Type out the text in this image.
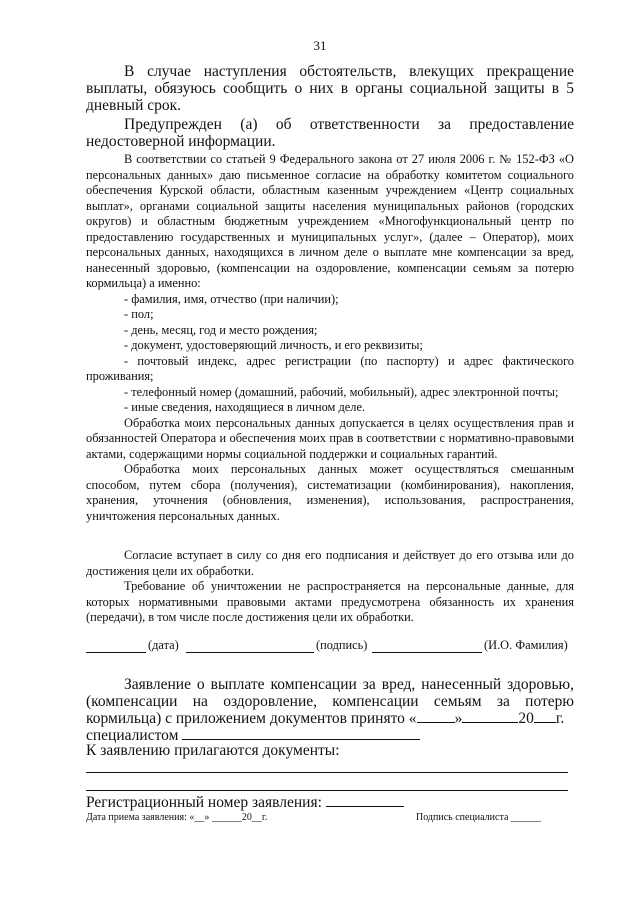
31

В случае наступления обстоятельств, влекущих прекращение выплаты, обязуюсь сообщить о них в органы социальной защиты в 5 дневный срок.

Предупрежден (а) об ответственности за предоставление недостоверной информации.

В соответствии со статьей 9 Федерального закона от 27 июля 2006 г. № 152-ФЗ «О персональных данных» даю письменное согласие на обработку комитетом социального обеспечения Курской области, областным казенным учреждением «Центр социальных выплат», органами социальной защиты населения муниципальных районов (городских округов) и областным бюджетным учреждением «Многофункциональный центр по предоставлению государственных и муниципальных услуг», (далее – Оператор), моих персональных данных, находящихся в личном деле о выплате мне компенсации за вред, нанесенный здоровью, (компенсации на оздоровление, компенсации семьям за потерю кормильца) а именно:

- фамилия, имя, отчество (при наличии);

- пол;

- день, месяц, год и место рождения;

- документ, удостоверяющий личность, и его реквизиты;

- почтовый индекс, адрес регистрации (по паспорту) и адрес фактического проживания;

- телефонный номер (домашний, рабочий, мобильный), адрес электронной почты;

- иные сведения, находящиеся в личном деле.

Обработка моих персональных данных допускается в целях осуществления прав и обязанностей Оператора и обеспечения моих прав в соответствии с нормативно-правовыми актами, содержащими нормы социальной поддержки и социальных гарантий.

Обработка моих персональных данных может осуществляться смешанным способом, путем сбора (получения), систематизации (комбинирования), накопления, хранения, уточнения (обновления, изменения), использования, распространения, уничтожения персональных данных.

Согласие вступает в силу со дня его подписания и действует до его отзыва или до достижения цели их обработки.

Требование об уничтожении не распространяется на персональные данные, для которых нормативными правовыми актами предусмотрена обязанность их хранения (передачи), в том числе после достижения цели их обработки.

(дата)	(подпись)	(И.О. Фамилия)

Заявление о выплате компенсации за вред, нанесенный здоровью, (компенсации на оздоровление, компенсации семьям за потерю кормильца) с приложением документов принято « »	20 г.

специалистом

К заявлению прилагаются документы:
Регистрационный номер заявления:
Дата приема заявления: «__» ______20__г.	Подпись специалиста ______
